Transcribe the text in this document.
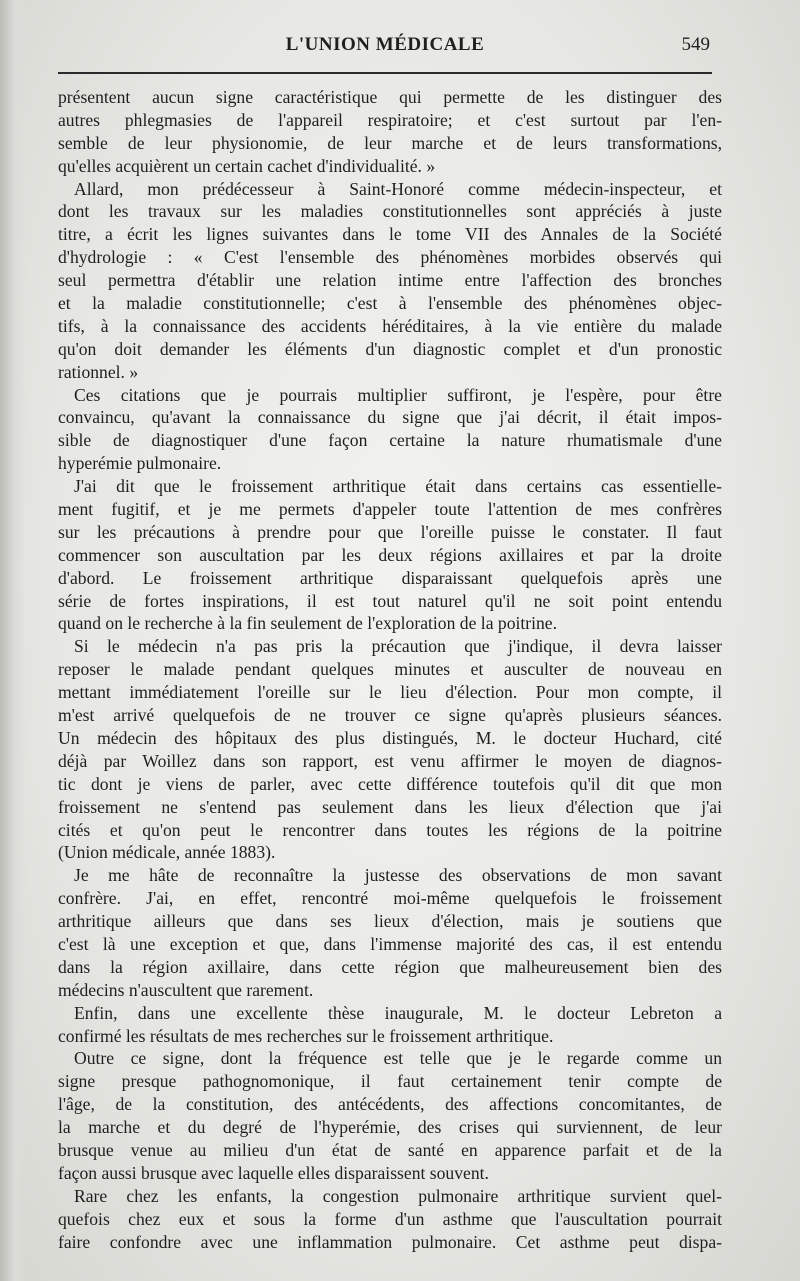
L'UNION MÉDICALE	549
présentent aucun signe caractéristique qui permette de les distinguer des
autres phlegmasies de l'appareil respiratoire; et c'est surtout par l'en-
semble de leur physionomie, de leur marche et de leurs transformations,
qu'elles acquièrent un certain cachet d'individualité. »
Allard, mon prédécesseur à Saint-Honoré comme médecin-inspecteur, et
dont les travaux sur les maladies constitutionnelles sont appréciés à juste
titre, a écrit les lignes suivantes dans le tome VII des Annales de la Société
d'hydrologie : « C'est l'ensemble des phénomènes morbides observés qui
seul permettra d'établir une relation intime entre l'affection des bronches
et la maladie constitutionnelle; c'est à l'ensemble des phénomènes objec-
tifs, à la connaissance des accidents héréditaires, à la vie entière du malade
qu'on doit demander les éléments d'un diagnostic complet et d'un pronostic
rationnel. »
Ces citations que je pourrais multiplier suffiront, je l'espère, pour être
convaincu, qu'avant la connaissance du signe que j'ai décrit, il était impos-
sible de diagnostiquer d'une façon certaine la nature rhumatismale d'une
hyperémie pulmonaire.
J'ai dit que le froissement arthritique était dans certains cas essentielle-
ment fugitif, et je me permets d'appeler toute l'attention de mes confrères
sur les précautions à prendre pour que l'oreille puisse le constater. Il faut
commencer son auscultation par les deux régions axillaires et par la droite
d'abord. Le froissement arthritique disparaissant quelquefois après une
série de fortes inspirations, il est tout naturel qu'il ne soit point entendu
quand on le recherche à la fin seulement de l'exploration de la poitrine.
Si le médecin n'a pas pris la précaution que j'indique, il devra laisser
reposer le malade pendant quelques minutes et ausculter de nouveau en
mettant immédiatement l'oreille sur le lieu d'élection. Pour mon compte, il
m'est arrivé quelquefois de ne trouver ce signe qu'après plusieurs séances.
Un médecin des hôpitaux des plus distingués, M. le docteur Huchard, cité
déjà par Woillez dans son rapport, est venu affirmer le moyen de diagnos-
tic dont je viens de parler, avec cette différence toutefois qu'il dit que mon
froissement ne s'entend pas seulement dans les lieux d'élection que j'ai
cités et qu'on peut le rencontrer dans toutes les régions de la poitrine
(Union médicale, année 1883).
Je me hâte de reconnaître la justesse des observations de mon savant
confrère. J'ai, en effet, rencontré moi-même quelquefois le froissement
arthritique ailleurs que dans ses lieux d'élection, mais je soutiens que
c'est là une exception et que, dans l'immense majorité des cas, il est entendu
dans la région axillaire, dans cette région que malheureusement bien des
médecins n'auscultent que rarement.
Enfin, dans une excellente thèse inaugurale, M. le docteur Lebreton a
confirmé les résultats de mes recherches sur le froissement arthritique.
Outre ce signe, dont la fréquence est telle que je le regarde comme un
signe presque pathognomonique, il faut certainement tenir compte de
l'âge, de la constitution, des antécédents, des affections concomitantes, de
la marche et du degré de l'hyperémie, des crises qui surviennent, de leur
brusque venue au milieu d'un état de santé en apparence parfait et de la
façon aussi brusque avec laquelle elles disparaissent souvent.
Rare chez les enfants, la congestion pulmonaire arthritique survient quel-
quefois chez eux et sous la forme d'un asthme que l'auscultation pourrait
faire confondre avec une inflammation pulmonaire. Cet asthme peut dispa-
